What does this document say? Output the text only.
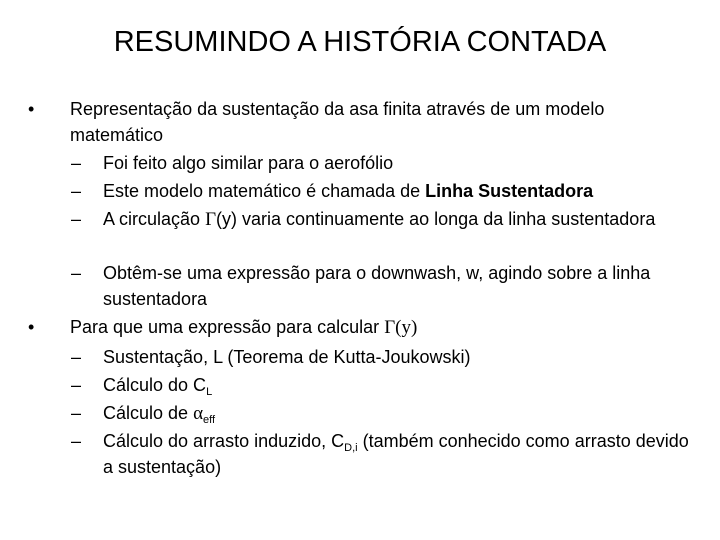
RESUMINDO A HISTÓRIA CONTADA
• Representação da sustentação da asa finita através de um modelo matemático
– Foi feito algo similar para o aerofólio
– Este modelo matemático é chamada de Linha Sustentadora
– A circulação Γ(y) varia continuamente ao longa da linha sustentadora
– Obtêm-se uma expressão para o downwash, w, agindo sobre a linha sustentadora
• Para que uma expressão para calcular Γ(y)
– Sustentação, L (Teorema de Kutta-Joukowski)
– Cálculo do $C_L$
– Cálculo de $\alpha_{eff}$
– Cálculo do arrasto induzido, $C_{D,i}$ (também conhecido como arrasto devido a sustentação)
